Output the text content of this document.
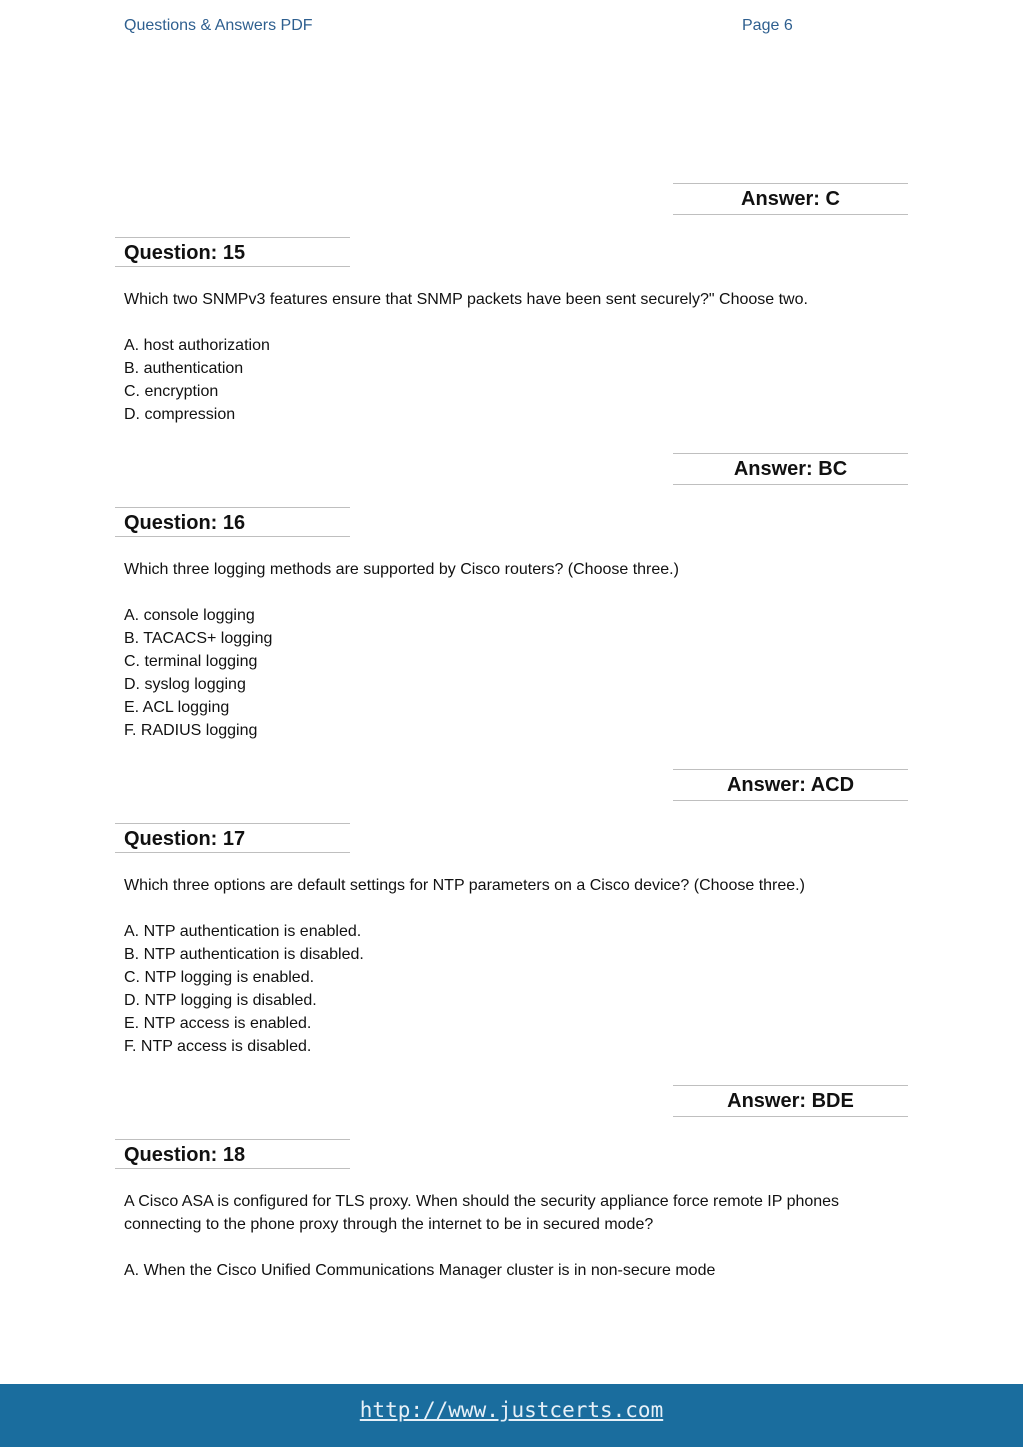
Questions & Answers PDF	Page 6
Answer: C
Question: 15
Which two SNMPv3 features ensure that SNMP packets have been sent securely?" Choose two.
A. host authorization
B. authentication
C. encryption
D. compression
Answer: BC
Question: 16
Which three logging methods are supported by Cisco routers? (Choose three.)
A. console logging
B. TACACS+ logging
C. terminal logging
D. syslog logging
E. ACL logging
F. RADIUS logging
Answer: ACD
Question: 17
Which three options are default settings for NTP parameters on a Cisco device? (Choose three.)
A. NTP authentication is enabled.
B. NTP authentication is disabled.
C. NTP logging is enabled.
D. NTP logging is disabled.
E. NTP access is enabled.
F. NTP access is disabled.
Answer: BDE
Question: 18
A Cisco ASA is configured for TLS proxy. When should the security appliance force remote IP phones connecting to the phone proxy through the internet to be in secured mode?
A. When the Cisco Unified Communications Manager cluster is in non-secure mode
http://www.justcerts.com
